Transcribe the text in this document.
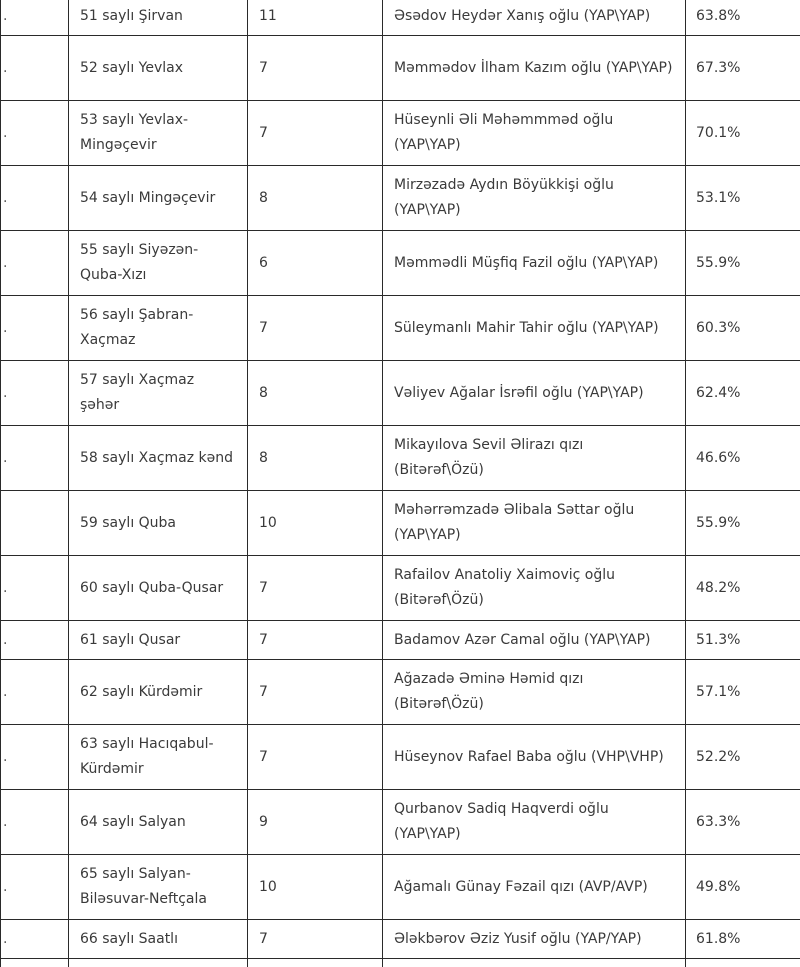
.	51 saylı Şirvan	11	Əsədov Heydər Xanış oğlu (YAP\YAP)	63.8%
.	52 saylı Yevlax	7	Məmmədov İlham Kazım oğlu (YAP\YAP)	67.3%
.	53 saylı Yevlax-Mingəçevir	7	Hüseynli Əli Məhəmmməd oğlu (YAP\YAP)	70.1%
.	54 saylı Mingəçevir	8	Mirzəzadə Aydın Böyükkişi oğlu (YAP\YAP)	53.1%
.	55 saylı Siyəzən-Quba-Xızı	6	Məmmədli Müşfiq Fazil oğlu (YAP\YAP)	55.9%
.	56 saylı Şabran-Xaçmaz	7	Süleymanlı Mahir Tahir oğlu (YAP\YAP)	60.3%
.	57 saylı Xaçmaz şəhər	8	Vəliyev Ağalar İsrəfil oğlu (YAP\YAP)	62.4%
.	58 saylı Xaçmaz kənd	8	Mikayılova Sevil Əlirazı qızı (Bitərəf\Özü)	46.6%
	59 saylı Quba	10	Məhərrəmzadə Əlibala Səttar oğlu (YAP\YAP)	55.9%
.	60 saylı Quba-Qusar	7	Rafailov Anatoliy Xaimoviç oğlu (Bitərəf\Özü)	48.2%
.	61 saylı Qusar	7	Badamov Azər Camal oğlu (YAP\YAP)	51.3%
.	62 saylı Kürdəmir	7	Ağazadə Əminə Həmid qızı (Bitərəf\Özü)	57.1%
.	63 saylı Hacıqabul-Kürdəmir	7	Hüseynov Rafael Baba oğlu (VHP\VHP)	52.2%
.	64 saylı Salyan	9	Qurbanov Sadiq Haqverdi oğlu (YAP\YAP)	63.3%
.	65 saylı Salyan-Biləsuvar-Neftçala	10	Ağamalı Günay Fəzail qızı (AVP/AVP)	49.8%
.	66 saylı Saatlı	7	Ələkbərov Əziz Yusif oğlu (YAP/YAP)	61.8%
